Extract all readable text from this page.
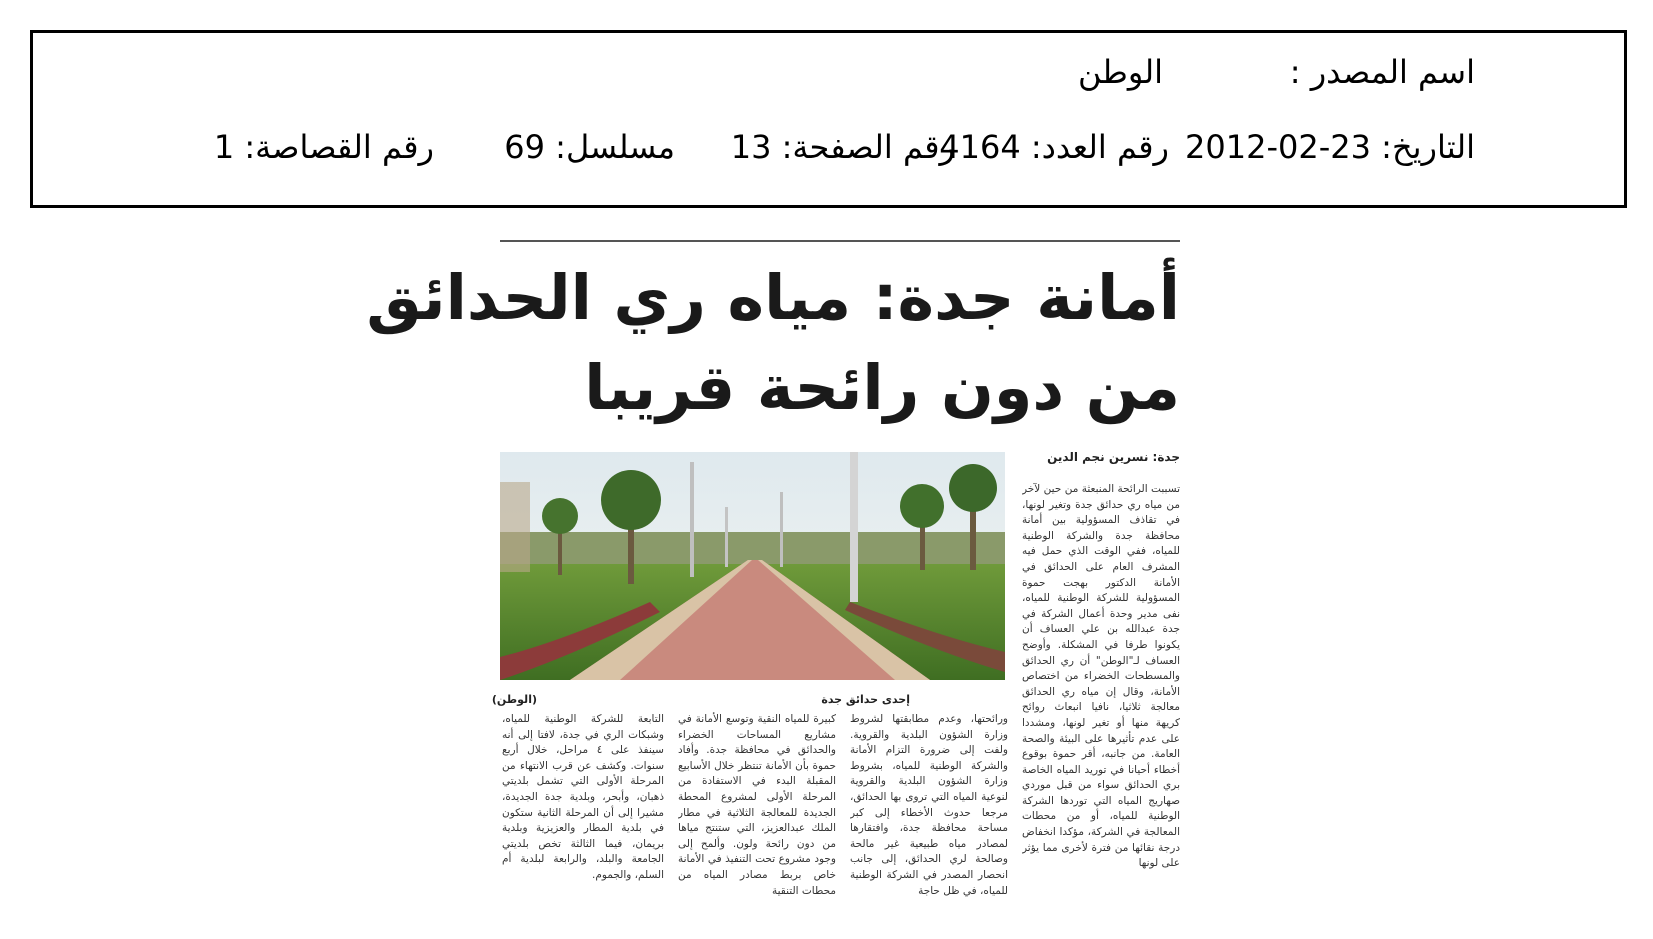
اسم المصدر :
الوطن
التاريخ: 23-02-2012
رقم العدد: 4164
رقم الصفحة: 13
مسلسل: 69
رقم القصاصة: 1
أمانة جدة: مياه ري الحدائق
من دون رائحة قريبا
جدة: نسرين نجم الدين
إحدى حدائق جدة
(الوطن)
تسببت الرائحة المنبعثة من حين لآخر من مياه ري حدائق جدة وتغير لونها، في تقاذف المسؤولية بين أمانة محافظة جدة والشركة الوطنية للمياه، ففي الوقت الذي حمل فيه المشرف العام على الحدائق في الأمانة الدكتور بهجت حموة المسؤولية للشركة الوطنية للمياه، نفى مدير وحدة أعمال الشركة في جدة عبدالله بن علي العساف أن يكونوا طرفا في المشكلة. وأوضح العساف لـ"الوطن" أن ري الحدائق والمسطحات الخضراء من اختصاص الأمانة، وقال إن مياه ري الحدائق معالجة ثلاثيا، نافيا انبعاث روائح كريهة منها أو تغير لونها، ومشددا على عدم تأثيرها على البيئة والصحة العامة. من جانبه، أقر حموة بوقوع أخطاء أحيانا في توريد المياه الخاصة بري الحدائق سواء من قبل موردي صهاريج المياه التي توردها الشركة الوطنية للمياه، أو من محطات المعالجة في الشركة، مؤكدا انخفاض درجة نقائها من فترة لأخرى مما يؤثر على لونها
ورائحتها، وعدم مطابقتها لشروط وزارة الشؤون البلدية والقروية. ولفت إلى ضرورة التزام الأمانة والشركة الوطنية للمياه، بشروط وزارة الشؤون البلدية والقروية لنوعية المياه التي تروى بها الحدائق، مرجعا حدوث الأخطاء إلى كبر مساحة محافظة جدة، وافتقارها لمصادر مياه طبيعية غير مالحة وصالحة لري الحدائق، إلى جانب انحصار المصدر في الشركة الوطنية للمياه، في ظل حاجة
كبيرة للمياه النقية وتوسع الأمانة في مشاريع المساحات الخضراء والحدائق في محافظة جدة. وأفاد حموة بأن الأمانة تنتظر خلال الأسابيع المقبلة البدء في الاستفادة من المرحلة الأولى لمشروع المحطة الجديدة للمعالجة الثلاثية في مطار الملك عبدالعزيز، التي ستنتج مياها من دون رائحة ولون. وألمح إلى وجود مشروع تحت التنفيذ في الأمانة خاص بربط مصادر المياه من محطات التنقية
التابعة للشركة الوطنية للمياه، وشبكات الري في جدة، لافتا إلى أنه سينفذ على ٤ مراحل، خلال أربع سنوات. وكشف عن قرب الانتهاء من المرحلة الأولى التي تشمل بلديتي ذهبان، وأبحر، وبلدية جدة الجديدة، مشيرا إلى أن المرحلة الثانية ستكون في بلدية المطار والعزيزية وبلدية بريمان، فيما الثالثة تخص بلديتي الجامعة والبلد، والرابعة لبلدية أم السلم، والجموم.
